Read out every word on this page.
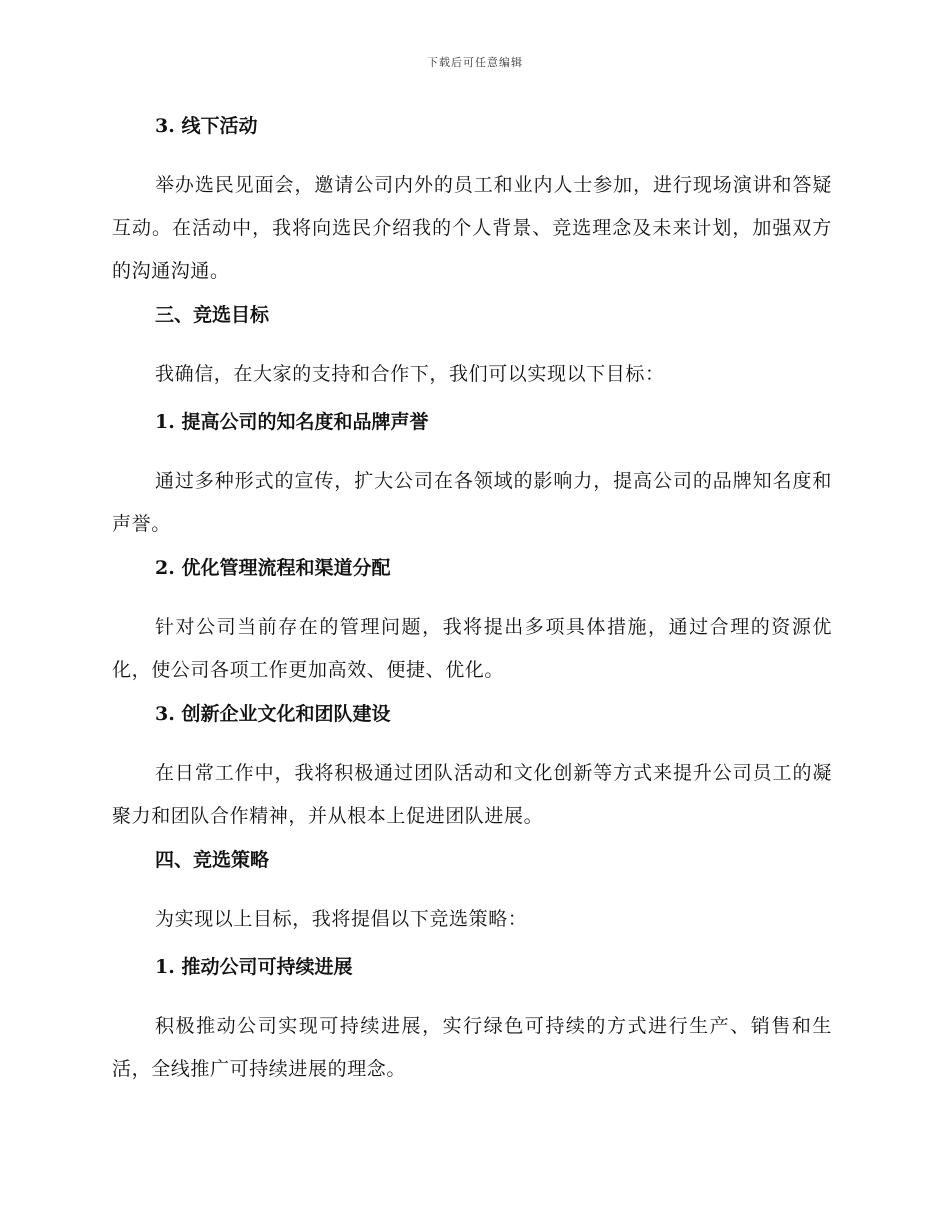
下载后可任意编辑
3. 线下活动

举办选民见面会，邀请公司内外的员工和业内人士参加，进行现场演讲和答疑互动。在活动中，我将向选民介绍我的个人背景、竞选理念及未来计划，加强双方的沟通沟通。

三、竞选目标

我确信，在大家的支持和合作下，我们可以实现以下目标：

1. 提高公司的知名度和品牌声誉

通过多种形式的宣传，扩大公司在各领域的影响力，提高公司的品牌知名度和声誉。

2. 优化管理流程和渠道分配

针对公司当前存在的管理问题，我将提出多项具体措施，通过合理的资源优化，使公司各项工作更加高效、便捷、优化。

3. 创新企业文化和团队建设

在日常工作中，我将积极通过团队活动和文化创新等方式来提升公司员工的凝聚力和团队合作精神，并从根本上促进团队进展。

四、竞选策略

为实现以上目标，我将提倡以下竞选策略：

1. 推动公司可持续进展

积极推动公司实现可持续进展，实行绿色可持续的方式进行生产、销售和生活，全线推广可持续进展的理念。
